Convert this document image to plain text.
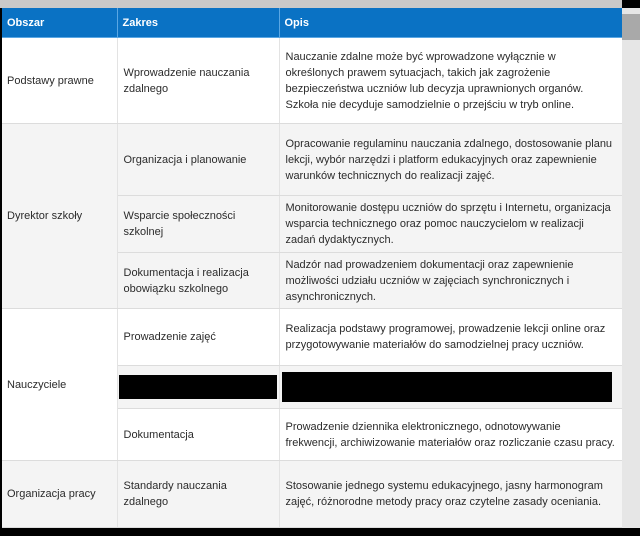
Obszar	Zakres	Opis
Podstawy prawne	Wprowadzenie nauczania zdalnego	Nauczanie zdalne może być wprowadzone wyłącznie w określonych prawem sytuacjach, takich jak zagrożenie bezpieczeństwa uczniów lub decyzja uprawnionych organów. Szkoła nie decyduje samodzielnie o przejściu w tryb online.
Dyrektor szkoły	Organizacja i planowanie	Opracowanie regulaminu nauczania zdalnego, dostosowanie planu lekcji, wybór narzędzi i platform edukacyjnych oraz zapewnienie warunków technicznych do realizacji zajęć.
	Wsparcie społeczności szkolnej	Monitorowanie dostępu uczniów do sprzętu i Internetu, organizacja wsparcia technicznego oraz pomoc nauczycielom w realizacji zadań dydaktycznych.
	Dokumentacja i realizacja obowiązku szkolnego	Nadzór nad prowadzeniem dokumentacji oraz zapewnienie możliwości udziału uczniów w zajęciach synchronicznych i asynchronicznych.
Nauczyciele	Prowadzenie zajęć	Realizacja podstawy programowej, prowadzenie lekcji online oraz przygotowywanie materiałów do samodzielnej pracy uczniów.

	Dokumentacja	Prowadzenie dziennika elektronicznego, odnotowywanie frekwencji, archiwizowanie materiałów oraz rozliczanie czasu pracy.
Organizacja pracy	Standardy nauczania zdalnego	Stosowanie jednego systemu edukacyjnego, jasny harmonogram zajęć, różnorodne metody pracy oraz czytelne zasady oceniania.
